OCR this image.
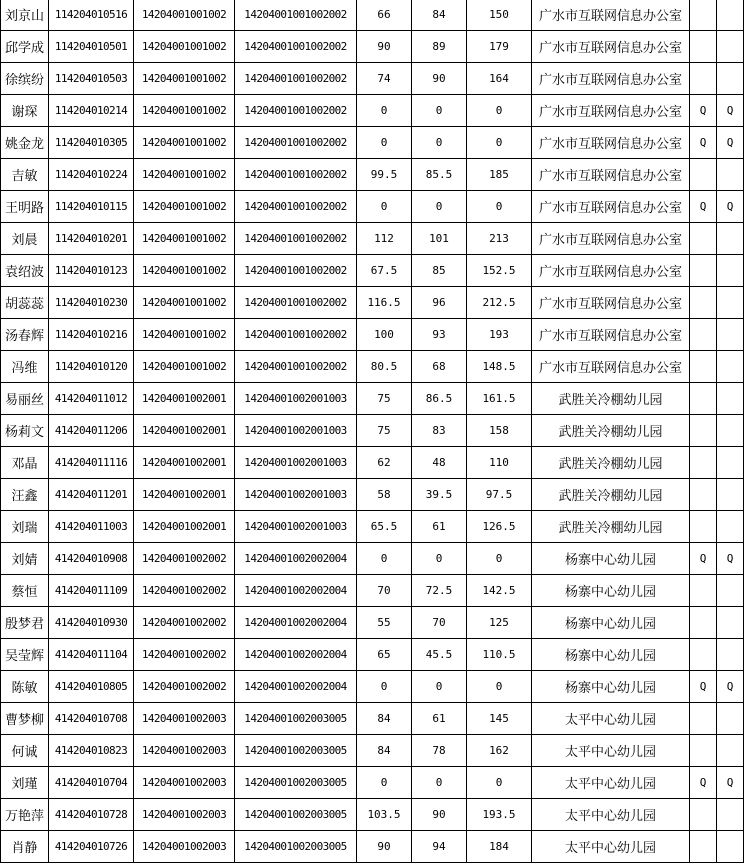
刘京山	114204010516	14204001001002	14204001001002002	66	84	150	广水市互联网信息办公室		
邱学成	114204010501	14204001001002	14204001001002002	90	89	179	广水市互联网信息办公室		
徐缤纷	114204010503	14204001001002	14204001001002002	74	90	164	广水市互联网信息办公室		
谢琛	114204010214	14204001001002	14204001001002002	0	0	0	广水市互联网信息办公室	Q	Q
姚金龙	114204010305	14204001001002	14204001001002002	0	0	0	广水市互联网信息办公室	Q	Q
吉敏	114204010224	14204001001002	14204001001002002	99.5	85.5	185	广水市互联网信息办公室		
王明路	114204010115	14204001001002	14204001001002002	0	0	0	广水市互联网信息办公室	Q	Q
刘晨	114204010201	14204001001002	14204001001002002	112	101	213	广水市互联网信息办公室		
袁绍波	114204010123	14204001001002	14204001001002002	67.5	85	152.5	广水市互联网信息办公室		
胡蕊蕊	114204010230	14204001001002	14204001001002002	116.5	96	212.5	广水市互联网信息办公室		
汤春辉	114204010216	14204001001002	14204001001002002	100	93	193	广水市互联网信息办公室		
冯维	114204010120	14204001001002	14204001001002002	80.5	68	148.5	广水市互联网信息办公室		
易丽丝	414204011012	14204001002001	14204001002001003	75	86.5	161.5	武胜关冷棚幼儿园		
杨莉文	414204011206	14204001002001	14204001002001003	75	83	158	武胜关冷棚幼儿园		
邓晶	414204011116	14204001002001	14204001002001003	62	48	110	武胜关冷棚幼儿园		
汪鑫	414204011201	14204001002001	14204001002001003	58	39.5	97.5	武胜关冷棚幼儿园		
刘瑞	414204011003	14204001002001	14204001002001003	65.5	61	126.5	武胜关冷棚幼儿园		
刘婧	414204010908	14204001002002	14204001002002004	0	0	0	杨寨中心幼儿园	Q	Q
蔡恒	414204011109	14204001002002	14204001002002004	70	72.5	142.5	杨寨中心幼儿园		
殷梦君	414204010930	14204001002002	14204001002002004	55	70	125	杨寨中心幼儿园		
吴莹辉	414204011104	14204001002002	14204001002002004	65	45.5	110.5	杨寨中心幼儿园		
陈敏	414204010805	14204001002002	14204001002002004	0	0	0	杨寨中心幼儿园	Q	Q
曹梦柳	414204010708	14204001002003	14204001002003005	84	61	145	太平中心幼儿园		
何诚	414204010823	14204001002003	14204001002003005	84	78	162	太平中心幼儿园		
刘瑾	414204010704	14204001002003	14204001002003005	0	0	0	太平中心幼儿园	Q	Q
万艳萍	414204010728	14204001002003	14204001002003005	103.5	90	193.5	太平中心幼儿园		
肖静	414204010726	14204001002003	14204001002003005	90	94	184	太平中心幼儿园		
